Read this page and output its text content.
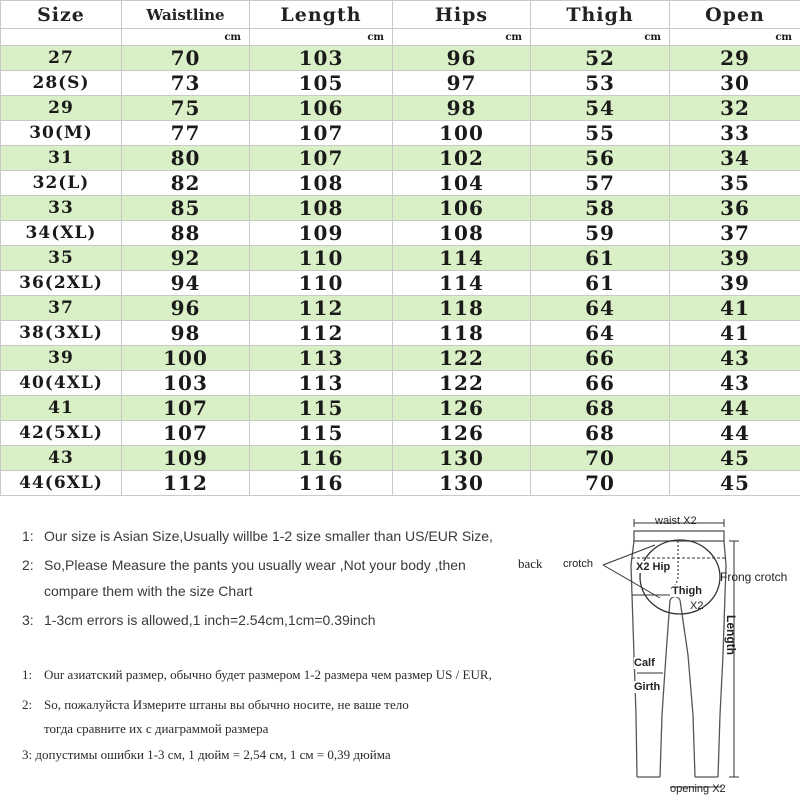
Size	Waistline	Length	Hips	Thigh	Open
	cm	cm	cm	cm	cm
27	70	103	96	52	29
28(S)	73	105	97	53	30
29	75	106	98	54	32
30(M)	77	107	100	55	33
31	80	107	102	56	34
32(L)	82	108	104	57	35
33	85	108	106	58	36
34(XL)	88	109	108	59	37
35	92	110	114	61	39
36(2XL)	94	110	114	61	39
37	96	112	118	64	41
38(3XL)	98	112	118	64	41
39	100	113	122	66	43
40(4XL)	103	113	122	66	43
41	107	115	126	68	44
42(5XL)	107	115	126	68	44
43	109	116	130	70	45
44(6XL)	112	116	130	70	45
1: Our size is Asian Size,Usually willbe 1-2 size smaller than US/EUR Size,
2: So,Please Measure the pants you usually wear ,Not your body ,then
compare them with the size Chart
3: 1-3cm errors is allowed,1 inch=2.54cm,1cm=0.39inch
1: Our азиатский размер, обычно будет размером 1-2 размера чем размер US / EUR,
2: So, пожалуйста Измерите штаны вы обычно носите, не ваше тело
тогда сравните их с диаграммой размера
3: допустимы ошибки 1-3 см, 1 дюйм = 2,54 см, 1 см = 0,39 дюйма
waist X2
back crotch	X2 Hip
Thigh
X2
Frong crotch
Length
Calf
Girth
opening X2
